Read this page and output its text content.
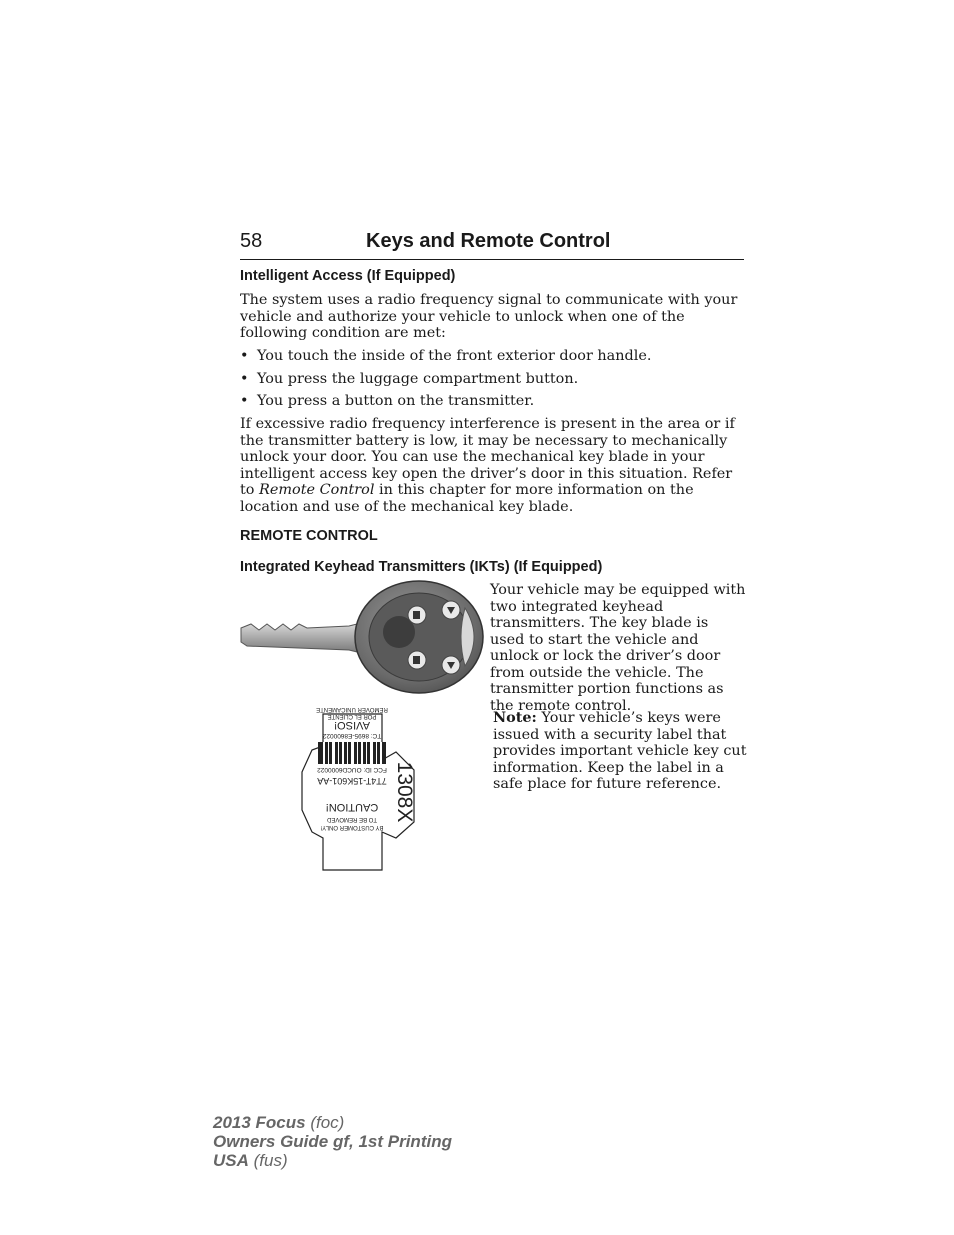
58	Keys and Remote Control
Intelligent Access (If Equipped)

The system uses a radio frequency signal to communicate with your vehicle and authorize your vehicle to unlock when one of the following condition are met:

• You touch the inside of the front exterior door handle.
• You press the luggage compartment button.
• You press a button on the transmitter.

If excessive radio frequency interference is present in the area or if the transmitter battery is low, it may be necessary to mechanically unlock your door. You can use the mechanical key blade in your intelligent access key open the driver’s door in this situation. Refer to Remote Control in this chapter for more information on the location and use of the mechanical key blade.

REMOTE CONTROL
Integrated Keyhead Transmitters (IKTs) (If Equipped)

Your vehicle may be equipped with two integrated keyhead transmitters. The key blade is used to start the vehicle and unlock or lock the driver’s door from outside the vehicle. The transmitter portion functions as the remote control.

BY CUSTOMER ONLY!
TO BE REMOVED
CAUTION!
7T4T-15K601-AA
FCC ID: OUCD6000022
TC: 8695-E8600022
AVISO!
POR EL CLIENTE
REMOVER UNICAMENTE
1308X

Note: Your vehicle’s keys were issued with a security label that provides important vehicle key cut information. Keep the label in a safe place for future reference.

2013 Focus (foc)
Owners Guide gf, 1st Printing
USA (fus)
